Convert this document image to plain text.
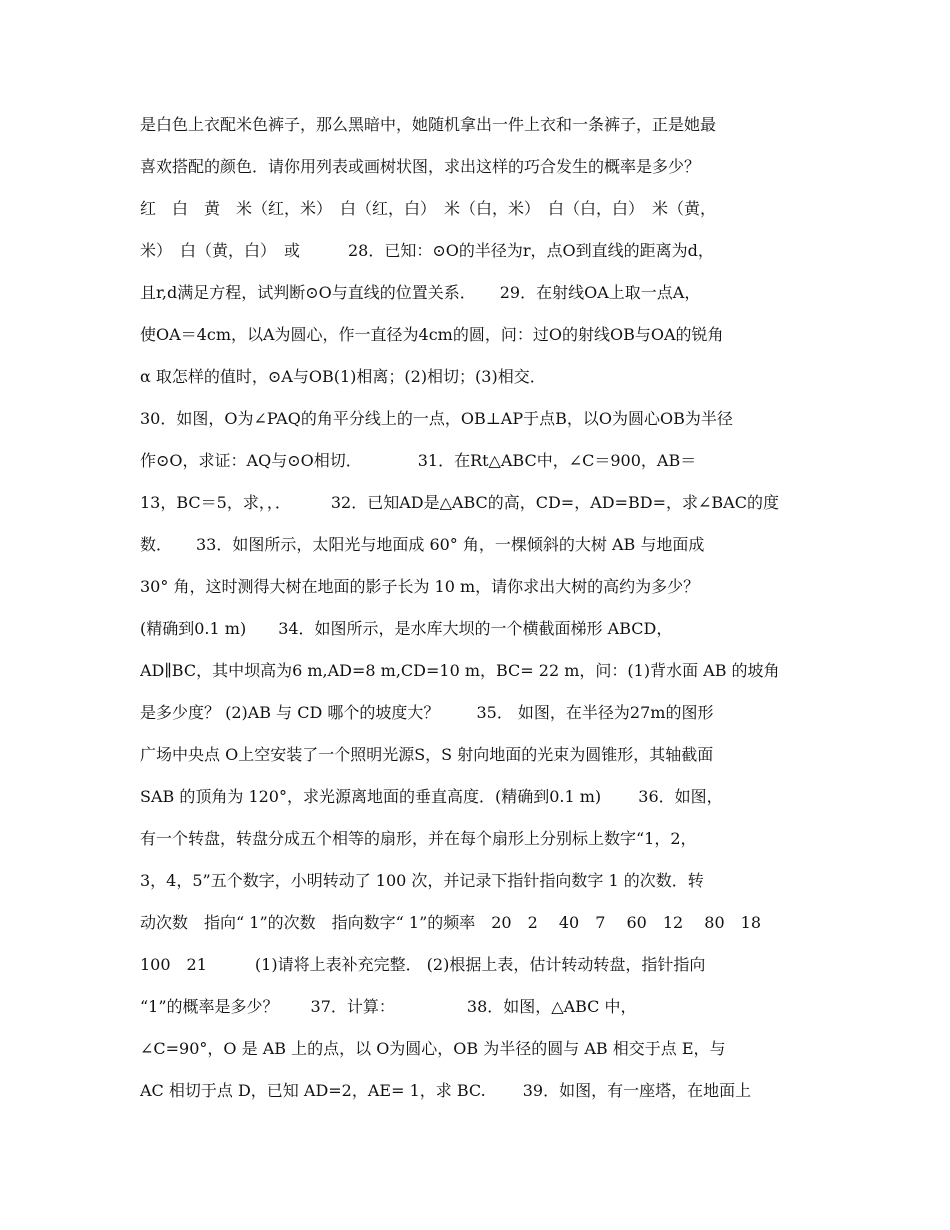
是白色上衣配米色裤子，那么黑暗中，她随机拿出一件上衣和一条裤子，正是她最
喜欢搭配的颜色．请你用列表或画树状图，求出这样的巧合发生的概率是多少？
红　白　黄　米（红，米）　白（红，白）　米（白，米）　白（白，白）　米（黄，
米）　白（黄，白）　或　　　28．已知：⊙O的半径为r，点O到直线的距离为d，
且r,d满足方程，试判断⊙O与直线的位置关系．　　29．在射线OA上取一点A，
使OA＝4cm，以A为圆心，作一直径为4cm的圆，问：过O的射线OB与OA的锐角
α 取怎样的值时，⊙A与OB(1)相离；(2)相切；(3)相交．
30．如图，O为∠PAQ的角平分线上的一点，OB⊥AP于点B，以O为圆心OB为半径
作⊙O，求证：AQ与⊙O相切．　　　　31．在Rt△ABC中，∠C＝900，AB＝
13，BC＝5，求，，．　　　32．已知AD是△ABC的高，CD=，AD=BD=，求∠BAC的度
数．　　33．如图所示，太阳光与地面成 60° 角，一棵倾斜的大树 AB 与地面成
30° 角，这时测得大树在地面的影子长为 10 m，请你求出大树的高约为多少？
(精确到0.1 m)　　34．如图所示，是水库大坝的一个横截面梯形 ABCD，
AD∥BC，其中坝高为6 m,AD=8 m,CD=10 m，BC= 22 m，问：(1)背水面 AB 的坡角
是多少度？ (2)AB 与 CD 哪个的坡度大？　　 35． 如图，在半径为27m的图形
广场中央点 O上空安装了一个照明光源S，S 射向地面的光束为圆锥形，其轴截面
SAB 的顶角为 120°，求光源离地面的垂直高度．(精确到0.1 m)　　 36．如图，
有一个转盘，转盘分成五个相等的扇形，并在每个扇形上分别标上数字“1，2，
3，4，5”五个数字，小明转动了 100 次，并记录下指针指向数字 1 的次数．转
动次数　指向“ 1”的次数　指向数字“ 1”的频率　20　2　 40　7　 60　12　 80　18
100　21　　　(1)请将上表补充完整． (2)根据上表，估计转动转盘，指针指向
“1”的概率是多少？　　37．计算：　　　　　38．如图，△ABC 中，
∠C=90°，O 是 AB 上的点，以 O为圆心，OB 为半径的圆与 AB 相交于点 E，与
AC 相切于点 D，已知 AD=2，AE= 1，求 BC.　　 39．如图，有一座塔，在地面上
